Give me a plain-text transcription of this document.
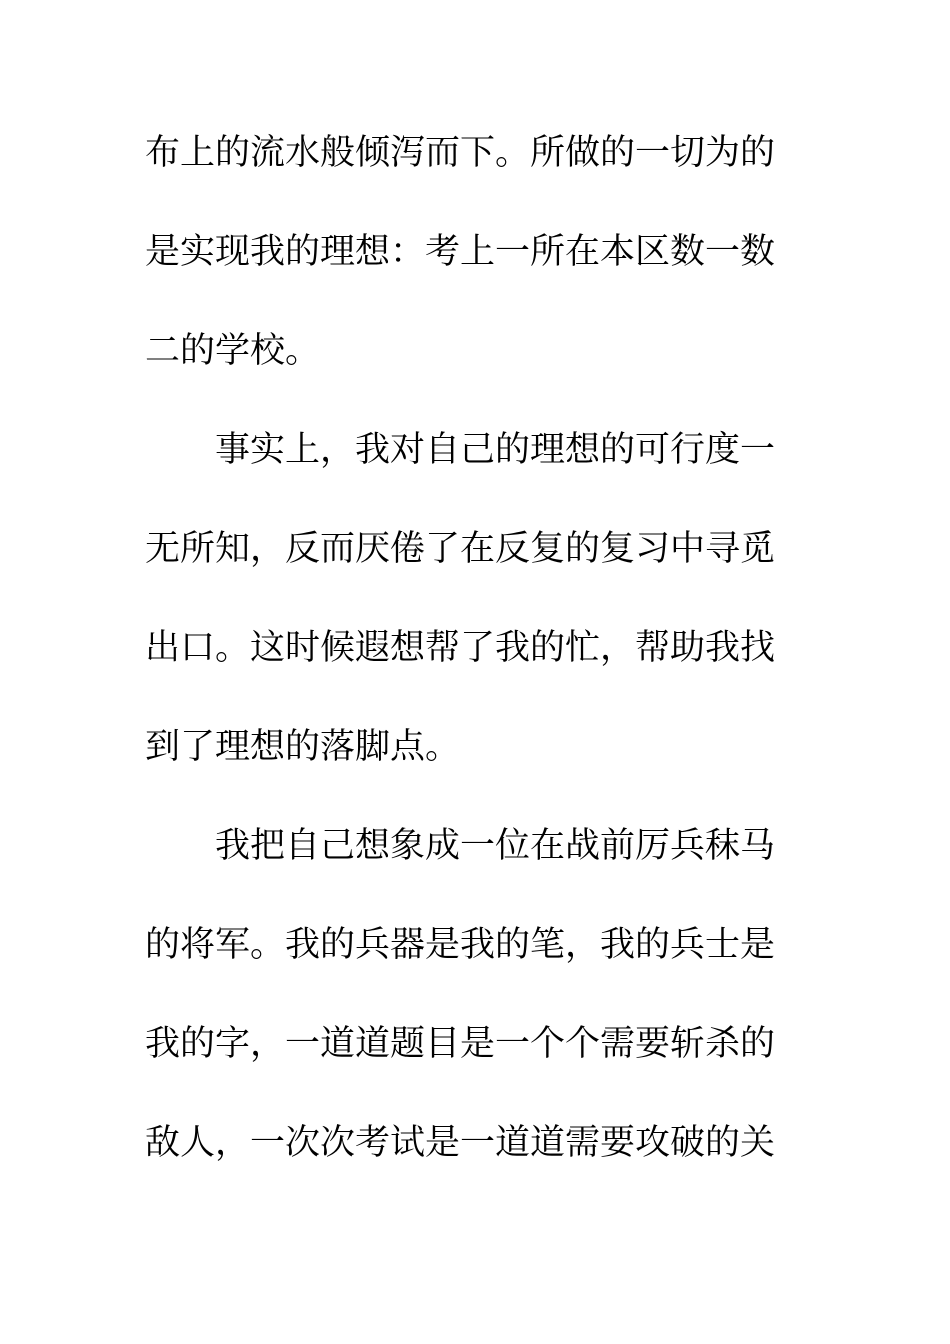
布上的流水般倾泻而下。所做的一切为的
是实现我的理想：考上一所在本区数一数
二的学校。
事实上，我对自己的理想的可行度一
无所知，反而厌倦了在反复的复习中寻觅
出口。这时候遐想帮了我的忙，帮助我找
到了理想的落脚点。
我把自己想象成一位在战前厉兵秣马
的将军。我的兵器是我的笔，我的兵士是
我的字，一道道题目是一个个需要斩杀的
敌人，一次次考试是一道道需要攻破的关
